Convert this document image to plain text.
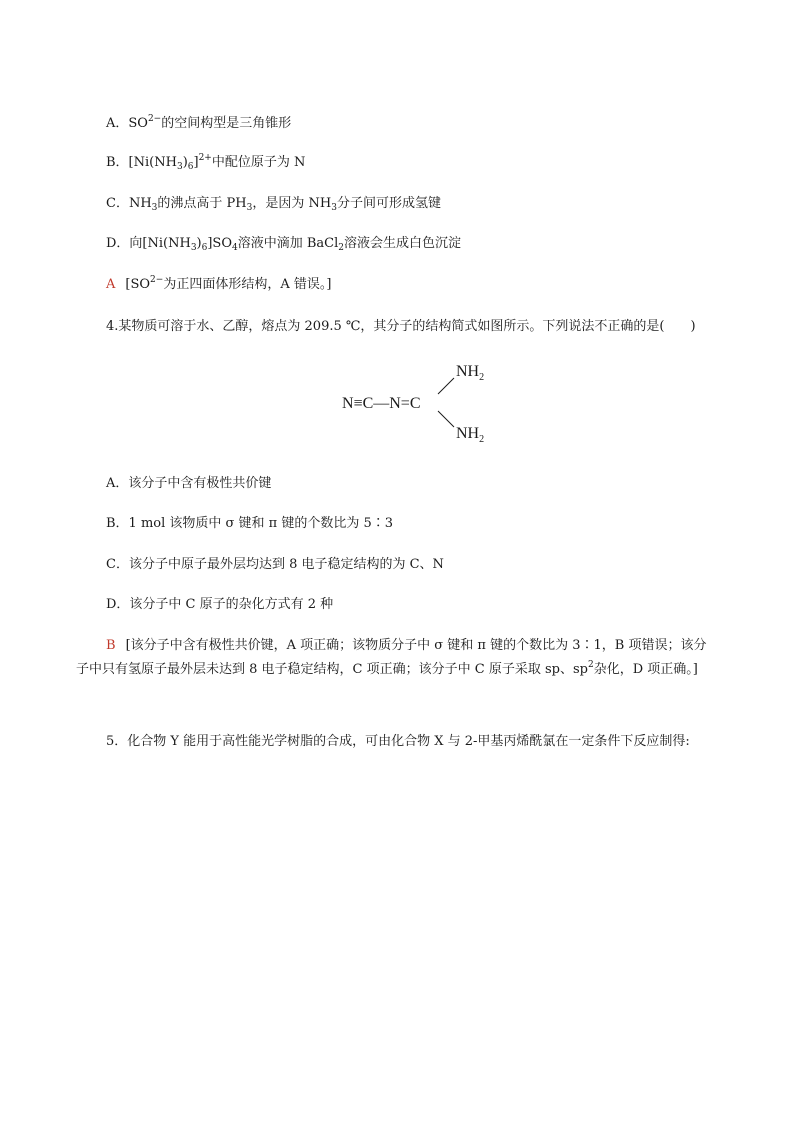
A．$SO^{2-}$的空间构型是三角锥形
B．$[Ni(NH_3)_6]^{2+}$中配位原子为 N
C．$NH_3$的沸点高于 $PH_3$，是因为 $NH_3$分子间可形成氢键
D．向$[Ni(NH_3)_6]SO_4$溶液中滴加 BaCl$_2$溶液会生成白色沉淀
A [$SO^{2-}$为正四面体形结构，A 错误。]
4.某物质可溶于水、乙醇，熔点为 209.5 ℃，其分子的结构简式如图所示。下列说法不正确的是(　　)
$NH_2$
N≡C—N=C
$NH_2$
A．该分子中含有极性共价键
B．1 mol 该物质中 σ 键和 π 键的个数比为 5∶3
C．该分子中原子最外层均达到 8 电子稳定结构的为 C、N
D．该分子中 C 原子的杂化方式有 2 种
B [该分子中含有极性共价键，A 项正确；该物质分子中 σ 键和 π 键的个数比为 3∶1，B 项错误；该分子中只有氢原子最外层未达到 8 电子稳定结构，C 项正确；该分子中 C 原子采取 sp、$sp^2$杂化，D 项正确。]
5．化合物 Y 能用于高性能光学树脂的合成，可由化合物 X 与 2-甲基丙烯酰氯在一定条件下反应制得:
